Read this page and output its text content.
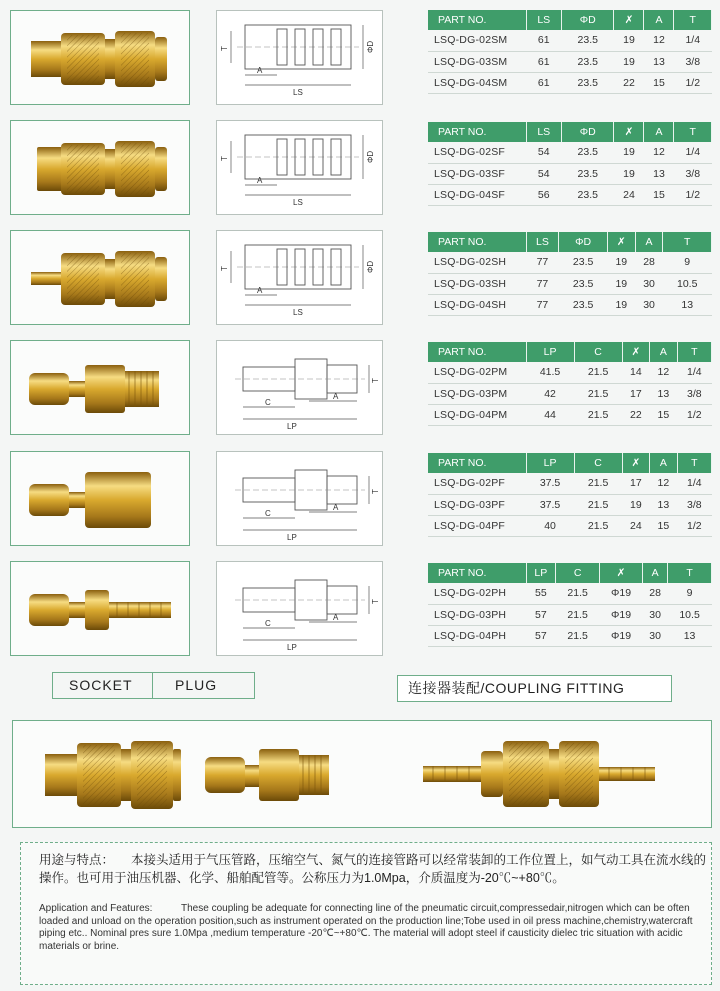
T
A
LS
ΦD
T
A
LS
ΦD
T
A
LS
ΦD
C
LP
A
T
C
LP
A
T
C
LP
A
T
SOCKET	PLUG	连接器装配/COUPLING FITTING
用途与特点： 本接头适用于气压管路，压缩空气、氮气的连接管路可以经常装卸的工作位置上，如气动工具在流水线的操作。也可用于油压机器、化学、船舶配管等。公称压力为1.0Mpa，介质温度为-20℃~+80℃。
Application and Features:	These coupling be adequate for connecting line of the pneumatic circuit,compressedair,nitrogen which can be often loaded and unload on the operation position,such as instrument operated on the production line;Tobe used in oil press machine,chemistry,watercraft piping etc.. Nominal pres sure 1.0Mpa ,medium temperature -20℃~+80℃. The material will adopt steel if causticity dielec tric situation with acidic materials or brine.
PART NO.	LS	ΦD	✗	A	T
LSQ-DG-02SM	61	23.5	19	12	1/4
LSQ-DG-03SM	61	23.5	19	13	3/8
LSQ-DG-04SM	61	23.5	22	15	1/2
PART NO.	LS	ΦD	✗	A	T
LSQ-DG-02SF	54	23.5	19	12	1/4
LSQ-DG-03SF	54	23.5	19	13	3/8
LSQ-DG-04SF	56	23.5	24	15	1/2
PART NO.	LS	ΦD	✗	A	T
LSQ-DG-02SH	77	23.5	19	28	9
LSQ-DG-03SH	77	23.5	19	30	10.5
LSQ-DG-04SH	77	23.5	19	30	13
PART NO.	LP	C	✗	A	T
LSQ-DG-02PM	41.5	21.5	14	12	1/4
LSQ-DG-03PM	42	21.5	17	13	3/8
LSQ-DG-04PM	44	21.5	22	15	1/2
PART NO.	LP	C	✗	A	T
LSQ-DG-02PF	37.5	21.5	17	12	1/4
LSQ-DG-03PF	37.5	21.5	19	13	3/8
LSQ-DG-04PF	40	21.5	24	15	1/2
PART NO.	LP	C	✗	A	T
LSQ-DG-02PH	55	21.5	Φ19	28	9
LSQ-DG-03PH	57	21.5	Φ19	30	10.5
LSQ-DG-04PH	57	21.5	Φ19	30	13
